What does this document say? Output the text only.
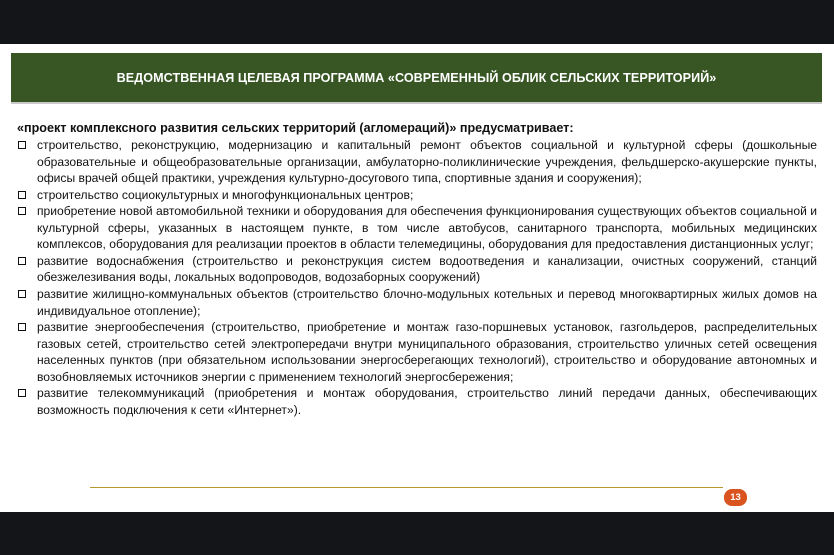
ВЕДОМСТВЕННАЯ ЦЕЛЕВАЯ ПРОГРАММА «СОВРЕМЕННЫЙ ОБЛИК СЕЛЬСКИХ ТЕРРИТОРИЙ»
«проект комплексного развития сельских территорий (агломераций)» предусматривает:
строительство, реконструкцию, модернизацию и капитальный ремонт объектов социальной и культурной сферы (дошкольные образовательные и общеобразовательные организации, амбулаторно-поликлинические учреждения, фельдшерско-акушерские пункты, офисы врачей общей практики, учреждения культурно-досугового типа, спортивные здания и сооружения);
строительство социокультурных и многофункциональных центров;
приобретение новой автомобильной техники и оборудования для обеспечения функционирования существующих объектов социальной и культурной сферы, указанных в настоящем пункте, в том числе автобусов, санитарного транспорта, мобильных медицинских комплексов, оборудования для реализации проектов в области телемедицины, оборудования для предоставления дистанционных услуг;
развитие водоснабжения (строительство и реконструкция систем водоотведения и канализации, очистных сооружений, станций обезжелезивания воды, локальных водопроводов, водозаборных сооружений)
развитие жилищно-коммунальных объектов (строительство блочно-модульных котельных и перевод многоквартирных жилых домов на индивидуальное отопление);
развитие энергообеспечения (строительство, приобретение и монтаж газо-поршневых установок, газгольдеров, распределительных газовых сетей, строительство сетей электропередачи внутри муниципального образования, строительство уличных сетей освещения населенных пунктов (при обязательном использовании энергосберегающих технологий), строительство и оборудование автономных и возобновляемых источников энергии с применением технологий энергосбережения;
развитие телекоммуникаций (приобретения и монтаж оборудования, строительство линий передачи данных, обеспечивающих возможность подключения к сети «Интернет»).
13
